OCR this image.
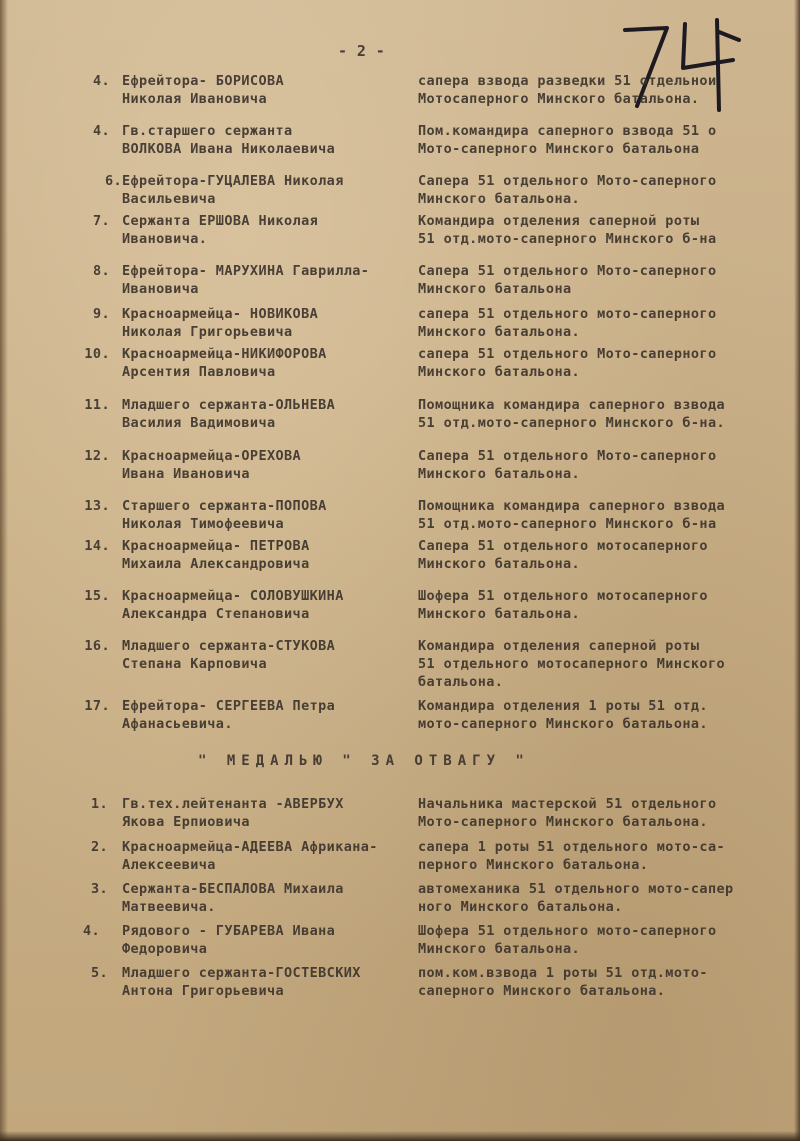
- 2 -
4. Ефрейтора- БОРИСОВА
Николая Ивановича
сапера взвода разведки 51 отдельнои
Мотосаперного Минского батальона.
4. Гв.старшего сержанта
ВОЛКОВА Ивана Николаевича
Пом.командира саперного взвода 51 о
Мото-саперного Минского батальона
6. Ефрейтора-ГУЦАЛЕВА Николая
Васильевича
Сапера 51 отдельного Мото-саперного
Минского батальона.
7. Сержанта ЕРШОВА Николая
Ивановича.
Командира отделения саперной роты
51 отд.мото-саперного Минского б-на
8. Ефрейтора- МАРУХИНА Гаврилла-
Ивановича
Сапера 51 отдельного Мото-саперного
Минского батальона
9. Красноармейца- НОВИКОВА
Николая Григорьевича
сапера 51 отдельного мото-саперного
Минского батальона.
10. Красноармейца-НИКИФОРОВА
Арсентия Павловича
сапера 51 отдельного Мото-саперного
Минского батальона.
11. Младшего сержанта-ОЛЬНЕВА
Василия Вадимовича
Помощника командира саперного взвода
51 отд.мото-саперного Минского б-на.
12. Красноармейца-ОРЕХОВА
Ивана Ивановича
Сапера 51 отдельного Мото-саперного
Минского батальона.
13. Старшего сержанта-ПОПОВА
Николая Тимофеевича
Помощника командира саперного взвода
51 отд.мото-саперного Минского б-на
14. Красноармейца- ПЕТРОВА
Михаила Александровича
Сапера 51 отдельного мотосаперного
Минского батальона.
15. Красноармейца- СОЛОВУШКИНА
Александра Степановича
Шофера 51 отдельного мотосаперного
Минского батальона.
16. Младшего сержанта-СТУКОВА
Степана Карповича
Командира отделения саперной роты
51 отдельного мотосаперного Минского
батальона.
17. Ефрейтора- СЕРГЕЕВА Петра
Афанасьевича.
Командира отделения 1 роты 51 отд.
мото-саперного Минского батальона.
" МЕДАЛЬЮ " ЗА ОТВАГУ "
1. Гв.тех.лейтенанта -АВЕРБУХ
Якова Ерпиовича
Начальника мастерской 51 отдельного
Мото-саперного Минского батальона.
2. Красноармейца-АДЕЕВА Африкана-
Алексеевича
сапера 1 роты 51 отдельного мото-са-
перного Минского батальона.
3. Сержанта-БЕСПАЛОВА Михаила
Матвеевича.
автомеханика 51 отдельного мото-сапер
ного Минского батальона.
4. Рядового - ГУБАРЕВА Ивана
Федоровича
Шофера 51 отдельного мото-саперного
Минского батальона.
5. Младшего сержанта-ГОСТЕВСКИХ
Антона Григорьевича
пом.ком.взвода 1 роты 51 отд.мото-
саперного Минского батальона.
